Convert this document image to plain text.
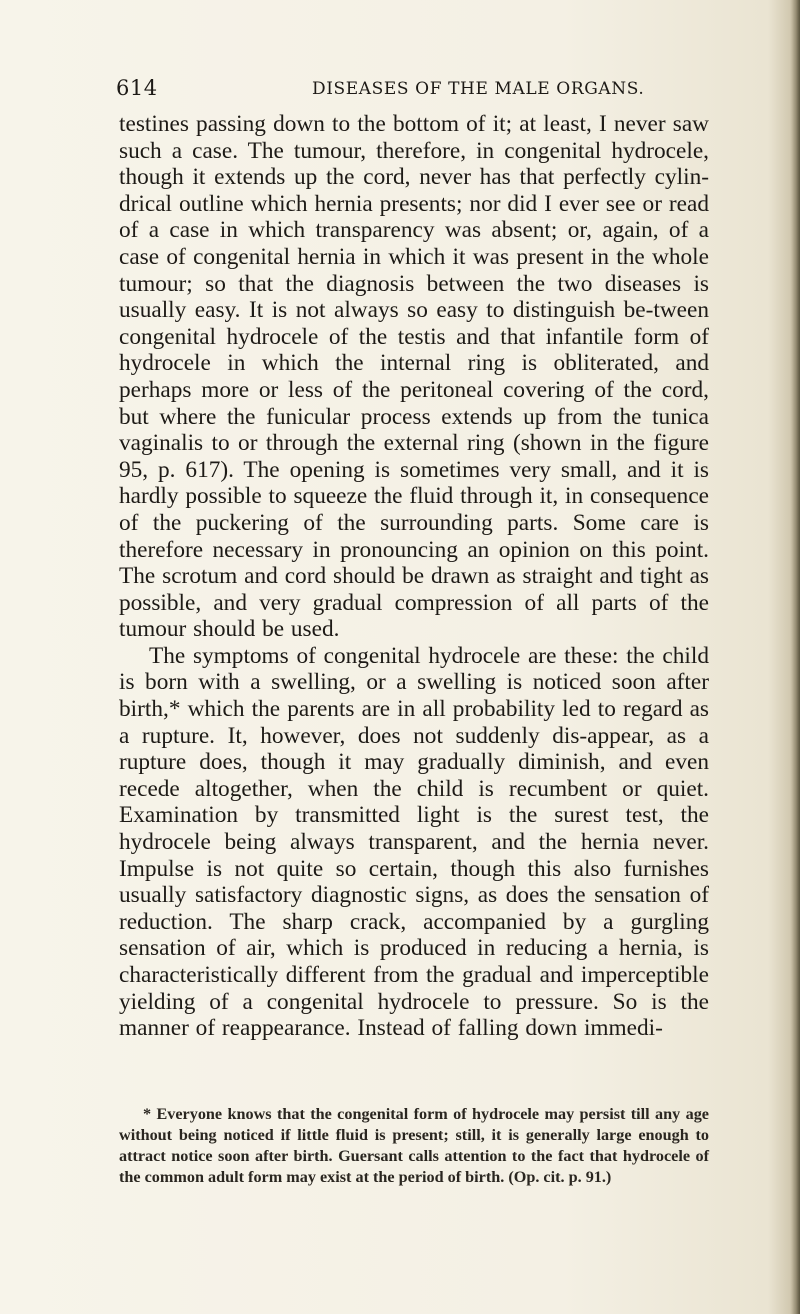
614	DISEASES OF THE MALE ORGANS.

testines passing down to the bottom of it; at least, I never saw such a case. The tumour, therefore, in congenital hydrocele, though it extends up the cord, never has that perfectly cylin-drical outline which hernia presents; nor did I ever see or read of a case in which transparency was absent; or, again, of a case of congenital hernia in which it was present in the whole tumour; so that the diagnosis between the two diseases is usually easy. It is not always so easy to distinguish be-tween congenital hydrocele of the testis and that infantile form of hydrocele in which the internal ring is obliterated, and perhaps more or less of the peritoneal covering of the cord, but where the funicular process extends up from the tunica vaginalis to or through the external ring (shown in the figure 95, p. 617). The opening is sometimes very small, and it is hardly possible to squeeze the fluid through it, in consequence of the puckering of the surrounding parts. Some care is therefore necessary in pronouncing an opinion on this point. The scrotum and cord should be drawn as straight and tight as possible, and very gradual compression of all parts of the tumour should be used.

The symptoms of congenital hydrocele are these: the child is born with a swelling, or a swelling is noticed soon after birth,* which the parents are in all probability led to regard as a rupture. It, however, does not suddenly dis-appear, as a rupture does, though it may gradually diminish, and even recede altogether, when the child is recumbent or quiet. Examination by transmitted light is the surest test, the hydrocele being always transparent, and the hernia never. Impulse is not quite so certain, though this also furnishes usually satisfactory diagnostic signs, as does the sensation of reduction. The sharp crack, accompanied by a gurgling sensation of air, which is produced in reducing a hernia, is characteristically different from the gradual and imperceptible yielding of a congenital hydrocele to pressure. So is the manner of reappearance. Instead of falling down immedi-

* Everyone knows that the congenital form of hydrocele may persist till any age without being noticed if little fluid is present; still, it is generally large enough to attract notice soon after birth. Guersant calls attention to the fact that hydrocele of the common adult form may exist at the period of birth. (Op. cit. p. 91.)
